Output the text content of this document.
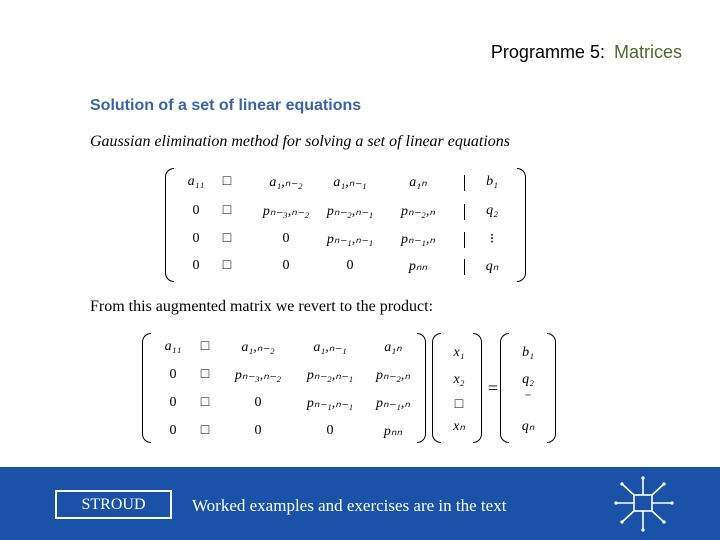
Programme 5: Matrices
Solution of a set of linear equations
Gaussian elimination method for solving a set of linear equations
a₁₁ □	a₁,ₙ₋₂ a₁,ₙ₋₁	a₁ₙ	b₁
0 □ pₙ₋₃,ₙ₋₂ pₙ₋₂,ₙ₋₁ pₙ₋₂,ₙ	q₂
0 □	0	pₙ₋₁,ₙ₋₁ pₙ₋₁,ₙ	⁝
0 □	0	0	pₙₙ	qₙ
From this augmented matrix we revert to the product:
=
a₁₁ □ a₁,ₙ₋₂	a₁,ₙ₋₁	a₁ₙ
0 □ pₙ₋₃,ₙ₋₂ pₙ₋₂,ₙ₋₁ pₙ₋₂,ₙ
0 □	0	pₙ₋₁,ₙ₋₁ pₙ₋₁,ₙ
0 □	0	0	pₙₙ
x₁
x₂
□
xₙ
b₁
q₂
⁻
qₙ
STROUD	Worked examples and exercises are in the text
